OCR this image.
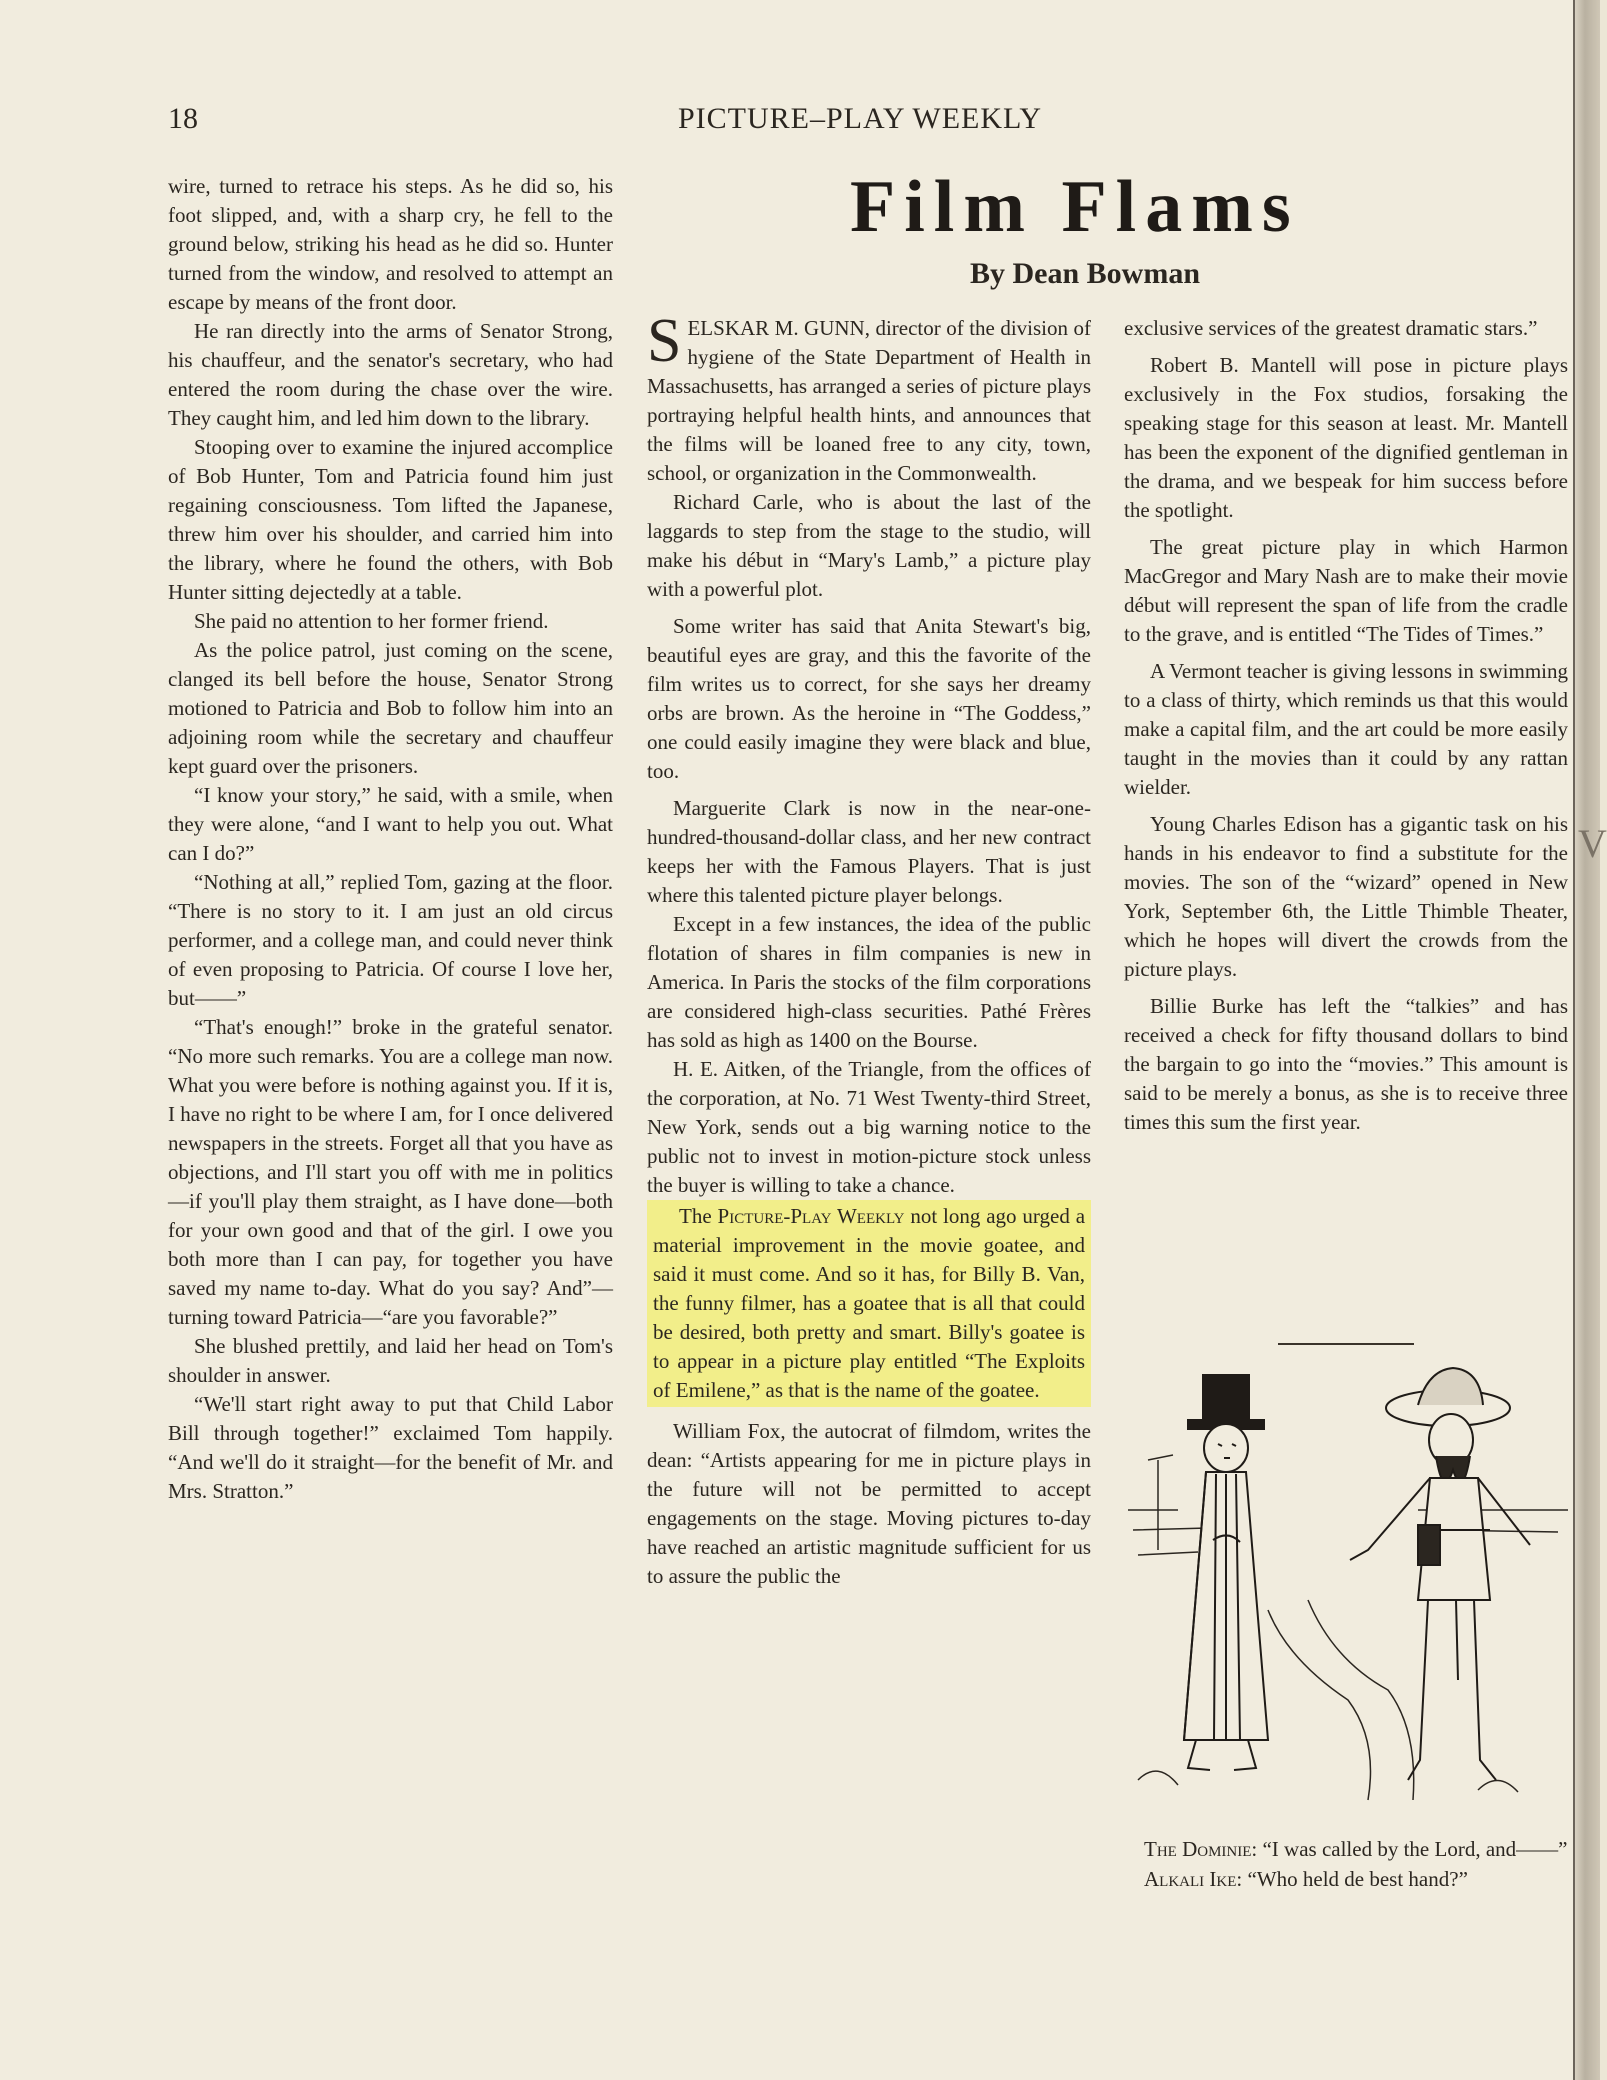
18	PICTURE–PLAY WEEKLY

wire, turned to retrace his steps. As he did so, his foot slipped, and, with a sharp cry, he fell to the ground below, striking his head as he did so. Hunter turned from the window, and resolved to attempt an escape by means of the front door.

He ran directly into the arms of Senator Strong, his chauffeur, and the senator's secretary, who had entered the room during the chase over the wire. They caught him, and led him down to the library.

Stooping over to examine the injured accomplice of Bob Hunter, Tom and Patricia found him just regaining consciousness. Tom lifted the Japanese, threw him over his shoulder, and carried him into the library, where he found the others, with Bob Hunter sitting dejectedly at a table.

She paid no attention to her former friend.

As the police patrol, just coming on the scene, clanged its bell before the house, Senator Strong motioned to Patricia and Bob to follow him into an adjoining room while the secretary and chauffeur kept guard over the prisoners.

“I know your story,” he said, with a smile, when they were alone, “and I want to help you out. What can I do?”

“Nothing at all,” replied Tom, gazing at the floor. “There is no story to it. I am just an old circus performer, and a college man, and could never think of even proposing to Patricia. Of course I love her, but——”

“That's enough!” broke in the grateful senator. “No more such remarks. You are a college man now. What you were before is nothing against you. If it is, I have no right to be where I am, for I once delivered newspapers in the streets. Forget all that you have as objections, and I'll start you off with me in politics—if you'll play them straight, as I have done—both for your own good and that of the girl. I owe you both more than I can pay, for together you have saved my name to-day. What do you say? And”—turning toward Patricia—“are you favorable?”

She blushed prettily, and laid her head on Tom's shoulder in answer.

“We'll start right away to put that Child Labor Bill through together!” exclaimed Tom happily. “And we'll do it straight—for the benefit of Mr. and Mrs. Stratton.”

Film Flams
By Dean Bowman

SELSKAR M. GUNN, director of the division of hygiene of the State Department of Health in Massachusetts, has arranged a series of picture plays portraying helpful health hints, and announces that the films will be loaned free to any city, town, school, or organization in the Commonwealth.

Richard Carle, who is about the last of the laggards to step from the stage to the studio, will make his début in “Mary's Lamb,” a picture play with a powerful plot.

Some writer has said that Anita Stewart's big, beautiful eyes are gray, and this the favorite of the film writes us to correct, for she says her dreamy orbs are brown. As the heroine in “The Goddess,” one could easily imagine they were black and blue, too.

Marguerite Clark is now in the near-one-hundred-thousand-dollar class, and her new contract keeps her with the Famous Players. That is just where this talented picture player belongs.

Except in a few instances, the idea of the public flotation of shares in film companies is new in America. In Paris the stocks of the film corporations are considered high-class securities. Pathé Frères has sold as high as 1400 on the Bourse.

H. E. Aitken, of the Triangle, from the offices of the corporation, at No. 71 West Twenty-third Street, New York, sends out a big warning notice to the public not to invest in motion-picture stock unless the buyer is willing to take a chance.

The Picture-Play Weekly not long ago urged a material improvement in the movie goatee, and said it must come. And so it has, for Billy B. Van, the funny filmer, has a goatee that is all that could be desired, both pretty and smart. Billy's goatee is to appear in a picture play entitled “The Exploits of Emilene,” as that is the name of the goatee.

William Fox, the autocrat of filmdom, writes the dean: “Artists appearing for me in picture plays in the future will not be permitted to accept engagements on the stage. Moving pictures to-day have reached an artistic magnitude sufficient for us to assure the public the

exclusive services of the greatest dramatic stars.”

Robert B. Mantell will pose in picture plays exclusively in the Fox studios, forsaking the speaking stage for this season at least. Mr. Mantell has been the exponent of the dignified gentleman in the drama, and we bespeak for him success before the spotlight.

The great picture play in which Harmon MacGregor and Mary Nash are to make their movie début will represent the span of life from the cradle to the grave, and is entitled “The Tides of Times.”

A Vermont teacher is giving lessons in swimming to a class of thirty, which reminds us that this would make a capital film, and the art could be more easily taught in the movies than it could by any rattan wielder.

Young Charles Edison has a gigantic task on his hands in his endeavor to find a substitute for the movies. The son of the “wizard” opened in New York, September 6th, the Little Thimble Theater, which he hopes will divert the crowds from the picture plays.

Billie Burke has left the “talkies” and has received a check for fifty thousand dollars to bind the bargain to go into the “movies.” This amount is said to be merely a bonus, as she is to receive three times this sum the first year.

The Dominie: “I was called by the Lord, and——”

Alkali Ike: “Who held de best hand?”

V
